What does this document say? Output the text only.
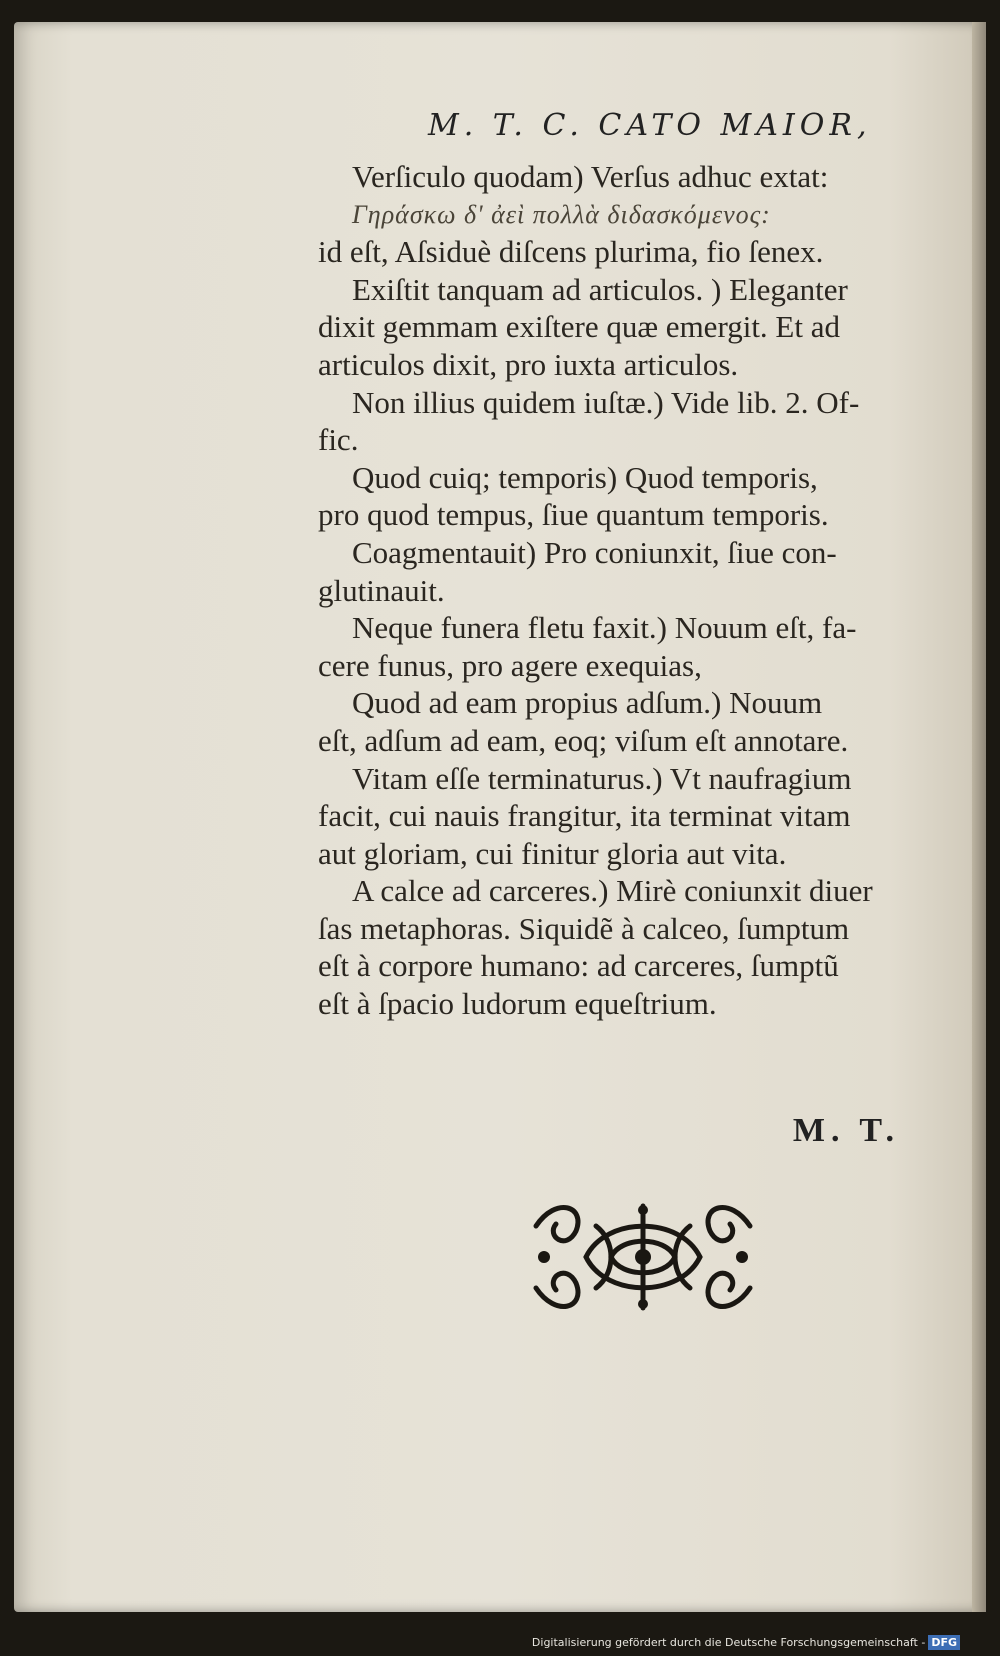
M. T. C. CATO MAIOR,
Verſiculo quodam) Verſus adhuc extat:
Γηράσκω δ' ἀεὶ πολλὰ διδασκόμενος:
id eſt, Aſsiduè diſcens plurima, fio ſenex.
Exiſtit tanquam ad articulos. ) Eleganter
dixit gemmam exiſtere quæ emergit. Et ad
articulos dixit, pro iuxta articulos.
Non illius quidem iuſtæ.) Vide lib. 2. Of-
fic.
Quod cuiq; temporis) Quod temporis,
pro quod tempus, ſiue quantum temporis.
Coagmentauit) Pro coniunxit, ſiue con-
glutinauit.
Neque funera fletu faxit.) Nouum eſt, fa-
cere funus, pro agere exequias,
Quod ad eam propius adſum.) Nouum
eſt, adſum ad eam, eoq; viſum eſt annotare.
Vitam eſſe terminaturus.) Vt naufragium
facit, cui nauis frangitur, ita terminat vitam
aut gloriam, cui finitur gloria aut vita.
A calce ad carceres.) Mirè coniunxit diuer
ſas metaphoras. Siquidẽ à calceo, ſumptum
eſt à corpore humano: ad carceres, ſumptũ
eſt à ſpacio ludorum equeſtrium.
M. T.
Digitalisierung gefördert durch die Deutsche Forschungsgemeinschaft - DFG
